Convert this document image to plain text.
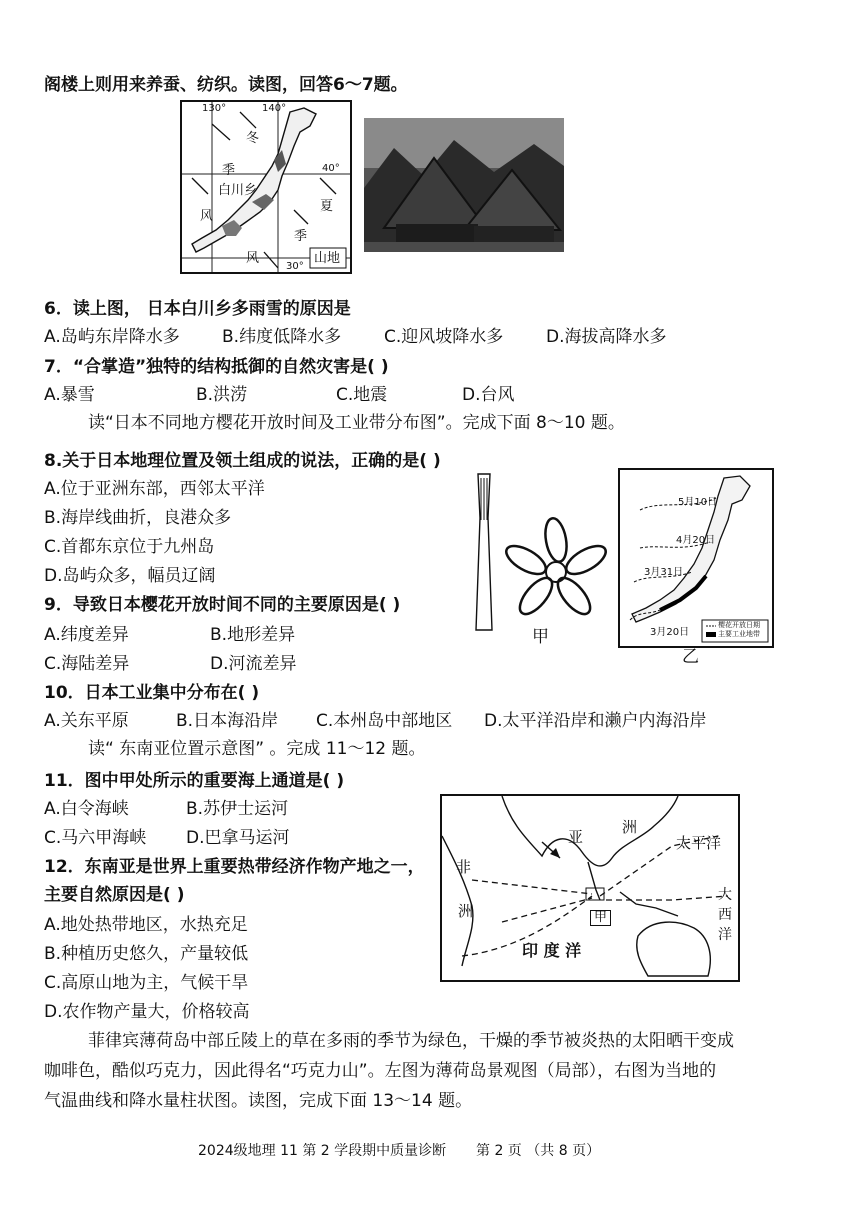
阁楼上则用来养蚕、纺织。读图，回答6～7题。
130°	140°
40°
30°
冬
季
风
夏
季
风
白川乡
山地
6．读上图， 日本白川乡多雨雪的原因是
A.岛屿东岸降水多 B.纬度低降水多	C.迎风坡降水多	D.海拔高降水多
7．“合掌造”独特的结构抵御的自然灾害是( )
A.暴雪	B.洪涝	C.地震	D.台风
读“日本不同地方樱花开放时间及工业带分布图”。完成下面 8～10 题。
8.关于日本地理位置及领土组成的说法，正确的是( )
A.位于亚洲东部，西邻太平洋
B.海岸线曲折，良港众多
C.首都东京位于九州岛
D.岛屿众多，幅员辽阔
9．导致日本樱花开放时间不同的主要原因是( )
A.纬度差异	B.地形差异
C.海陆差异	D.河流差异
甲
5月10日
4月20日
3月31日
3月20日
樱花开放日期
主要工业地带
乙
10．日本工业集中分布在( )
A.关东平原	B.日本海沿岸 C.本州岛中部地区 D.太平洋沿岸和濑户内海沿岸
读“ 东南亚位置示意图” 。完成 11～12 题。
11．图中甲处所示的重要海上通道是( )
A.白令海峡	B.苏伊士运河
C.马六甲海峡 D.巴拿马运河
12．东南亚是世界上重要热带经济作物产地之一，
主要自然原因是( )
A.地处热带地区，水热充足
B.种植历史悠久，产量较低
C.高原山地为主，气候干旱
D.农作物产量大，价格较高
亚
洲
非
洲
太平洋
大
西
洋
甲
印 度 洋
菲律宾薄荷岛中部丘陵上的草在多雨的季节为绿色，干燥的季节被炎热的太阳晒干变成
咖啡色，酷似巧克力，因此得名“巧克力山”。左图为薄荷岛景观图（局部），右图为当地的
气温曲线和降水量柱状图。读图，完成下面 13～14 题。
2024级地理 11 第 2 学段期中质量诊断 第 2 页 （共 8 页）
